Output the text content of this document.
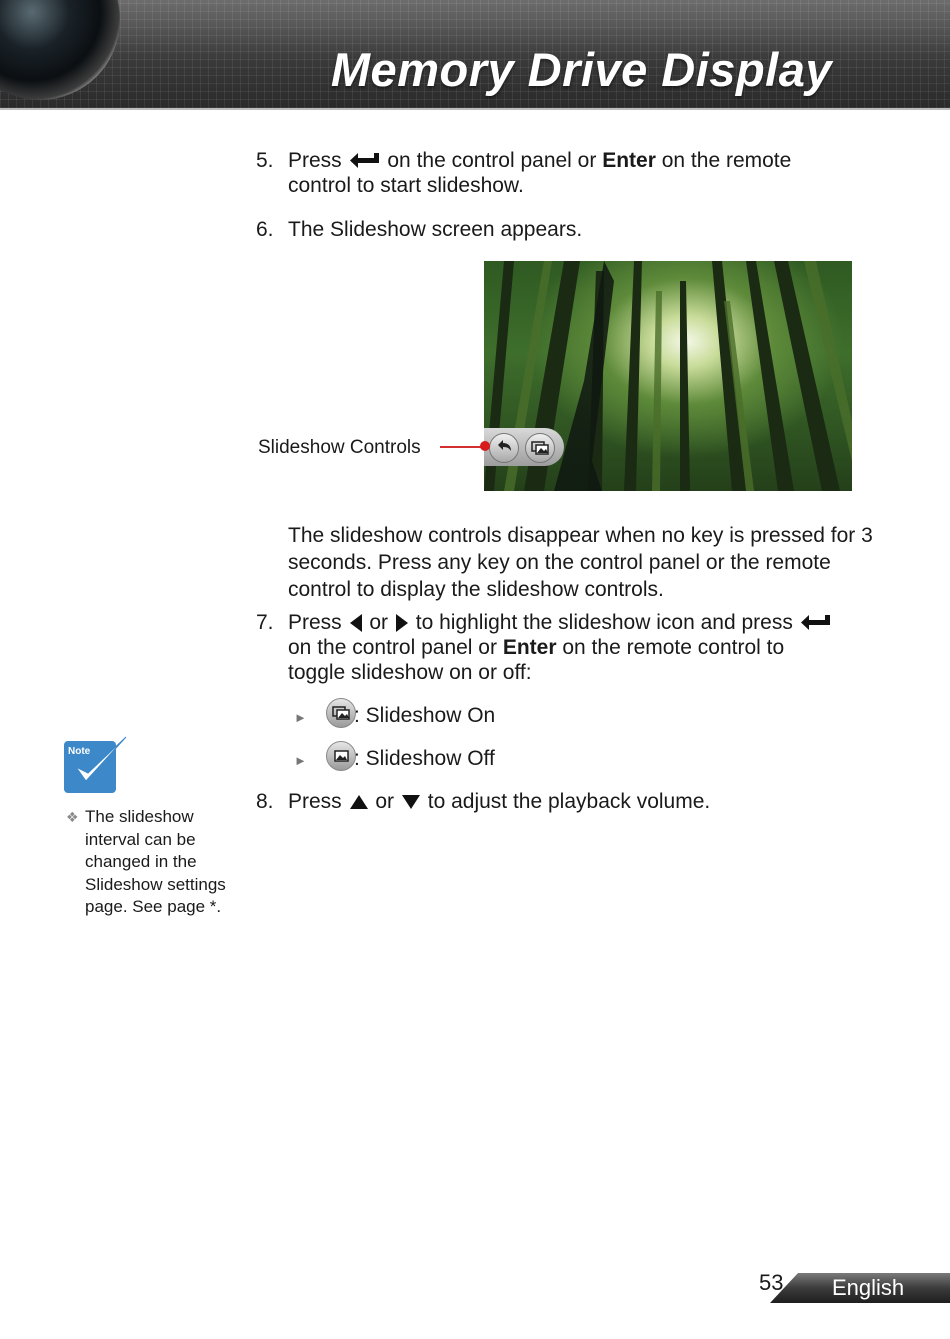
Memory Drive Display
5. Press on the control panel or Enter on the remote
control to start slideshow.
6. The Slideshow screen appears.
Slideshow Controls
The slideshow controls disappear when no key is pressed for 3 seconds. Press any key on the control panel or the remote control to display the slideshow controls.
7. Press or to highlight the slideshow icon and press
on the control panel or Enter on the remote control to
toggle slideshow on or off:
► : Slideshow On
► : Slideshow Off
8. Press or to adjust the playback volume.
Note
❖ The slideshow interval can be changed in the Slideshow settings page. See page *.
53 English
